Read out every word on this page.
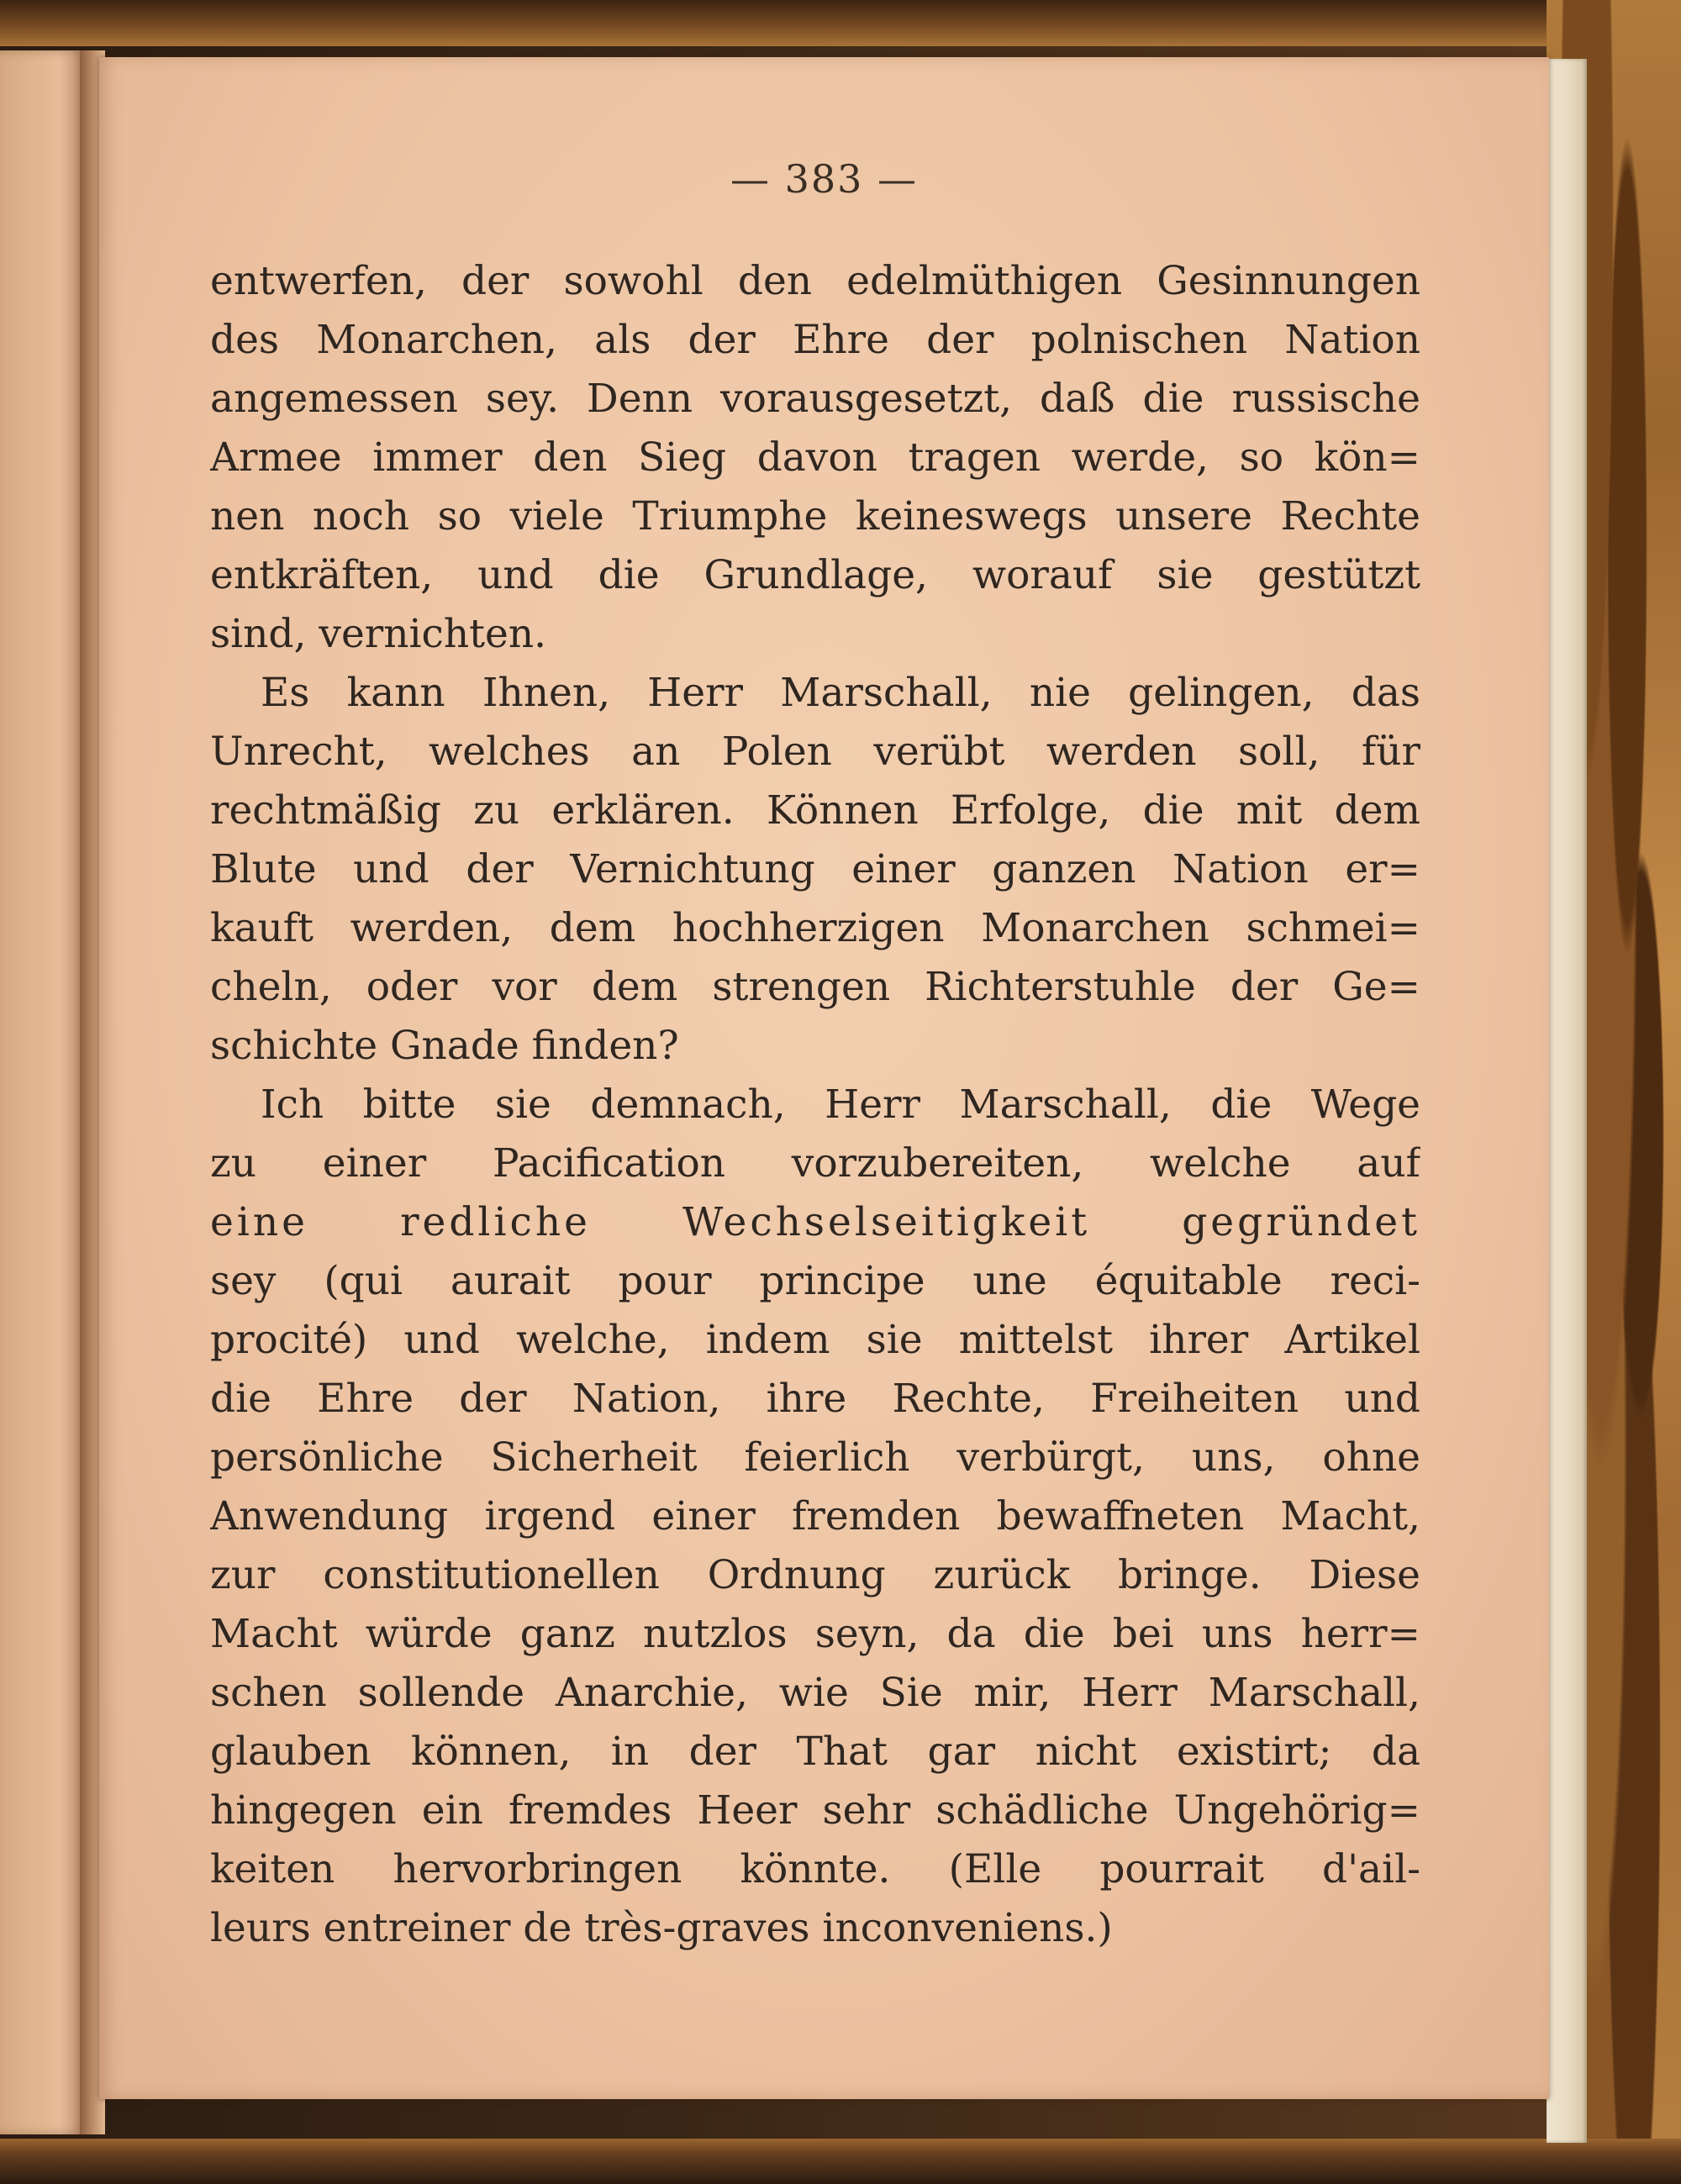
— 383 —
entwerfen, der sowohl den edelmüthigen Gesinnungen
des Monarchen, als der Ehre der polnischen Nation
angemessen sey. Denn vorausgesetzt, daß die russische
Armee immer den Sieg davon tragen werde, so kön=
nen noch so viele Triumphe keineswegs unsere Rechte
entkräften, und die Grundlage, worauf sie gestützt
sind, vernichten.
Es kann Ihnen, Herr Marschall, nie gelingen, das
Unrecht, welches an Polen verübt werden soll, für
rechtmäßig zu erklären. Können Erfolge, die mit dem
Blute und der Vernichtung einer ganzen Nation er=
kauft werden, dem hochherzigen Monarchen schmei=
cheln, oder vor dem strengen Richterstuhle der Ge=
schichte Gnade finden?
Ich bitte sie demnach, Herr Marschall, die Wege
zu einer Pacification vorzubereiten, welche auf
eine redliche Wechselseitigkeit gegründet
sey (qui aurait pour principe une équitable reci-
procité) und welche, indem sie mittelst ihrer Artikel
die Ehre der Nation, ihre Rechte, Freiheiten und
persönliche Sicherheit feierlich verbürgt, uns, ohne
Anwendung irgend einer fremden bewaffneten Macht,
zur constitutionellen Ordnung zurück bringe. Diese
Macht würde ganz nutzlos seyn, da die bei uns herr=
schen sollende Anarchie, wie Sie mir, Herr Marschall,
glauben können, in der That gar nicht existirt; da
hingegen ein fremdes Heer sehr schädliche Ungehörig=
keiten hervorbringen könnte. (Elle pourrait d'ail-
leurs entreiner de très-graves inconveniens.)
